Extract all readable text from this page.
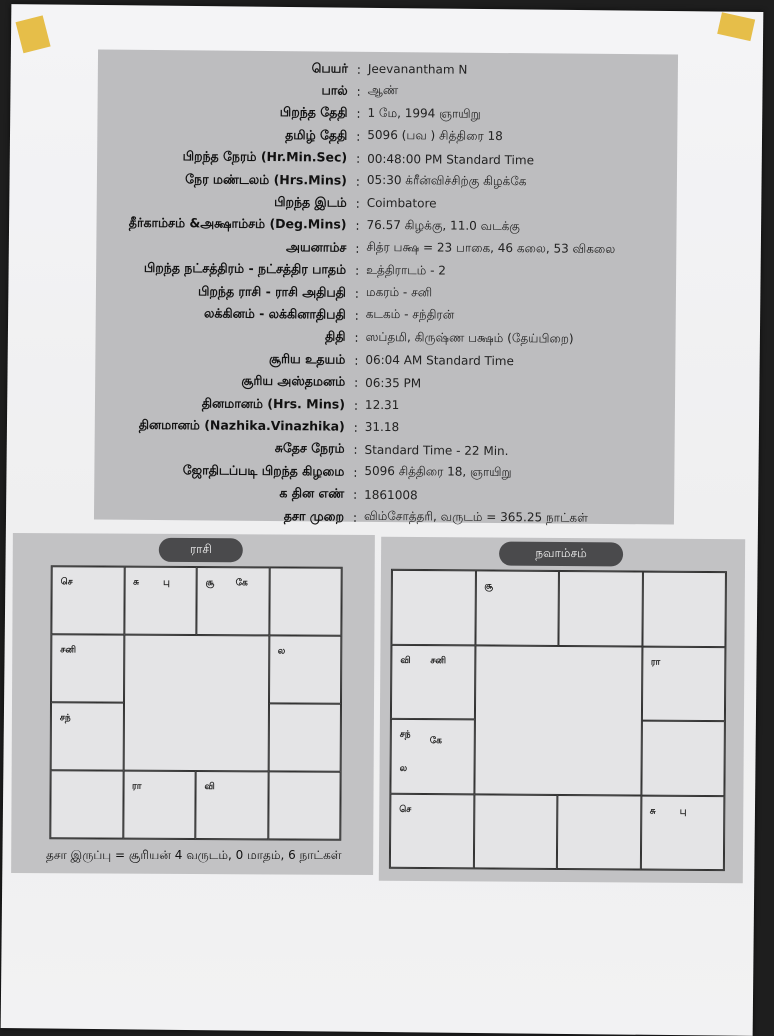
பெயர் : Jeevanantham N
பால் : ஆண்
பிறந்த தேதி : 1 மே, 1994 ஞாயிறு
தமிழ் தேதி : 5096 (பவ ) சித்திரை 18
பிறந்த நேரம் (Hr.Min.Sec) : 00:48:00 PM Standard Time
நேர மண்டலம் (Hrs.Mins) : 05:30 க்ரீன்விச்சிற்கு கிழக்கே
பிறந்த இடம் : Coimbatore
தீர்காம்சம் &அக்ஷாம்சம் (Deg.Mins) : 76.57 கிழக்கு, 11.0 வடக்கு
அயனாம்ச : சித்ர பக்ஷ = 23 பாகை, 46 கலை, 53 விகலை
பிறந்த நட்சத்திரம் - நட்சத்திர பாதம் : உத்திராடம் - 2
பிறந்த ராசி - ராசி அதிபதி : மகரம் - சனி
லக்கினம் - லக்கினாதிபதி : கடகம் - சந்திரன்
திதி : ஸப்தமி, கிருஷ்ண பக்ஷம் (தேய்பிறை)
சூரிய உதயம் : 06:04 AM Standard Time
சூரிய அஸ்தமனம் : 06:35 PM
தினமானம் (Hrs. Mins) : 12.31
தினமானம் (Nazhika.Vinazhika) : 31.18
சுதேச நேரம் : Standard Time - 22 Min.
ஜோதிடப்படி பிறந்த கிழமை : 5096 சித்திரை 18, ஞாயிறு
க தின எண் : 1861008
தசா முறை : விம்சோத்தரி, வருடம் = 365.25 நாட்கள்
ராசி
செ	சு	பு	சூ கே
சனி	ல
சந்
ரா	வி
தசா இருப்பு = சூரியன் 4 வருடம், 0 மாதம், 6 நாட்கள்
நவாம்சம்
சூ
வி சனி	ரா
சந்
கே
ல
செ	சு	பு
